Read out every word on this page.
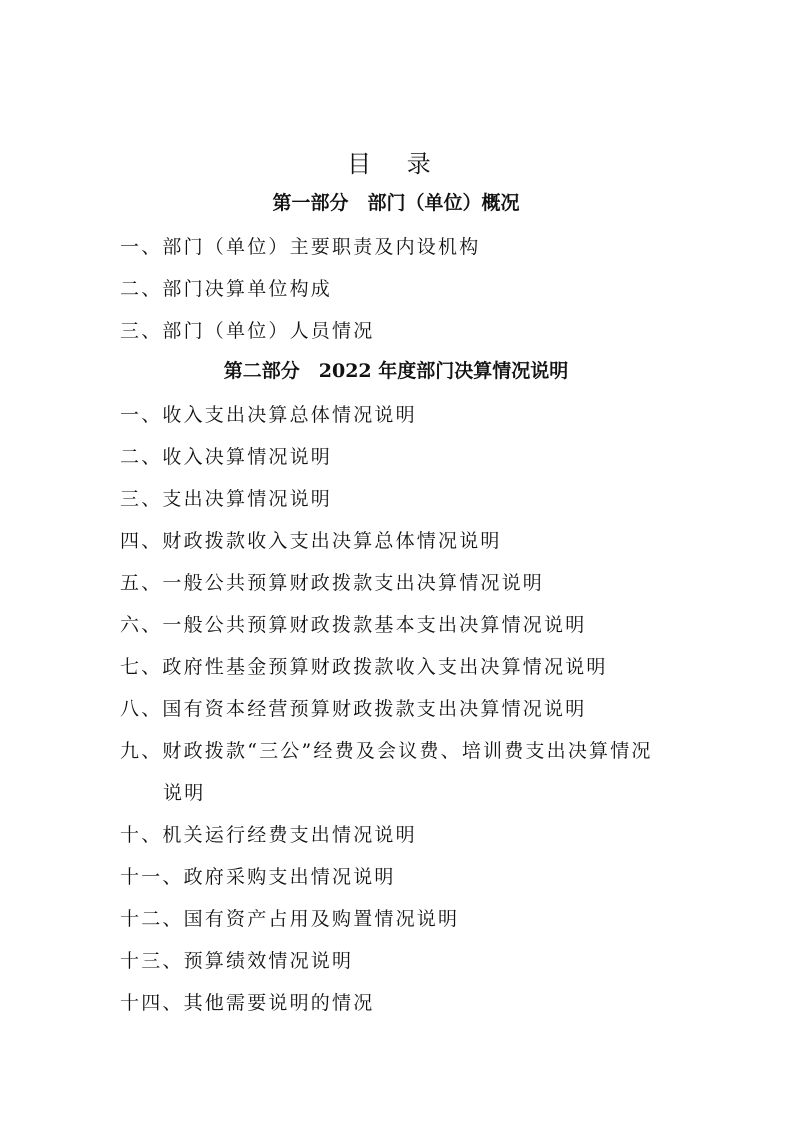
目 录
第一部分　部门（单位）概况
一、部门（单位）主要职责及内设机构
二、部门决算单位构成
三、部门（单位）人员情况
第二部分　2022 年度部门决算情况说明
一、收入支出决算总体情况说明
二、收入决算情况说明
三、支出决算情况说明
四、财政拨款收入支出决算总体情况说明
五、一般公共预算财政拨款支出决算情况说明
六、一般公共预算财政拨款基本支出决算情况说明
七、政府性基金预算财政拨款收入支出决算情况说明
八、国有资本经营预算财政拨款支出决算情况说明
九、财政拨款“三公”经费及会议费、培训费支出决算情况
说明
十、机关运行经费支出情况说明
十一、政府采购支出情况说明
十二、国有资产占用及购置情况说明
十三、预算绩效情况说明
十四、其他需要说明的情况
